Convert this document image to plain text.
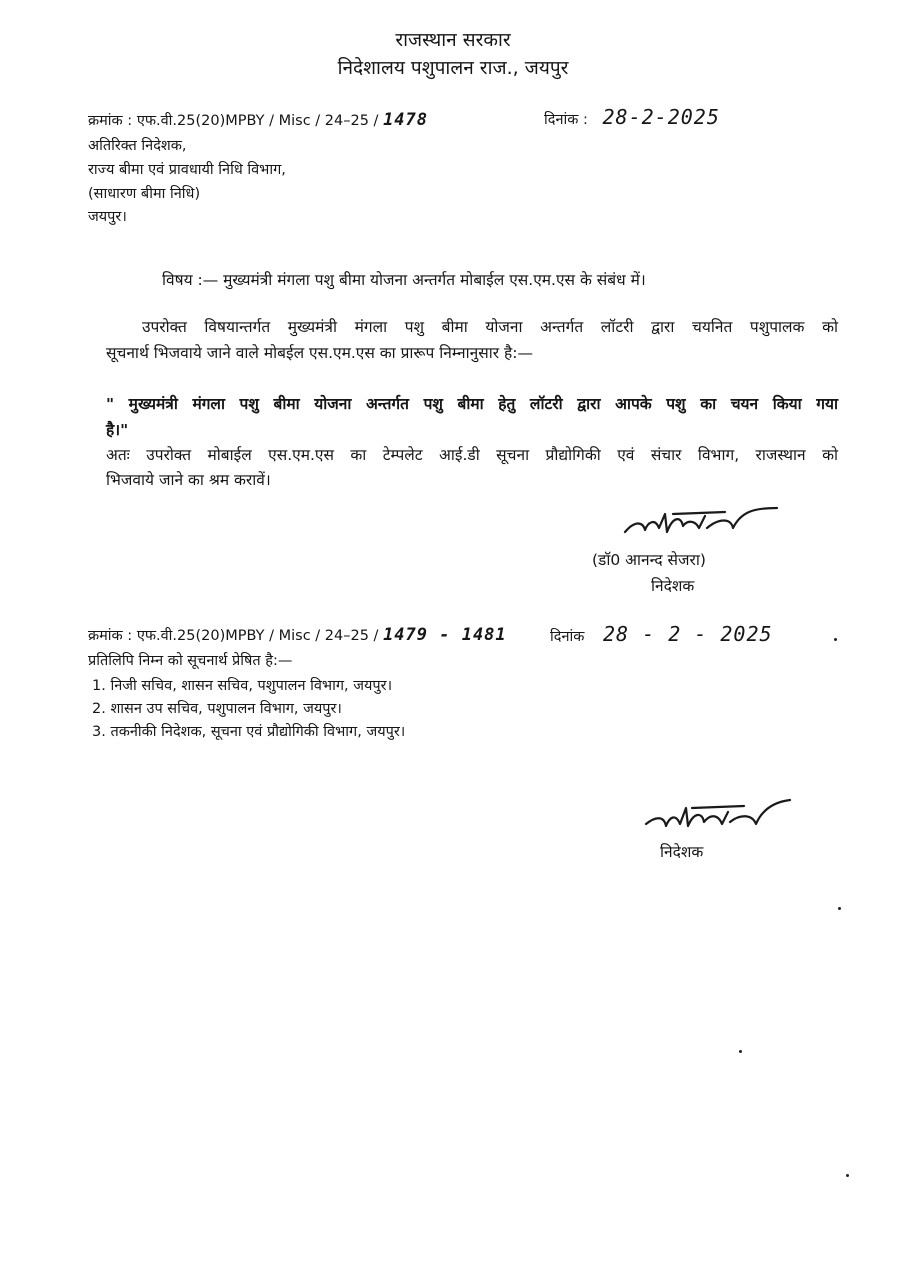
राजस्थान सरकार
निदेशालय पशुपालन राज., जयपुर
क्रमांक : एफ.वी.25(20)MPBY / Misc / 24–25 / 1478	दिनांक : 28-2-2025
अतिरिक्त निदेशक,
राज्य बीमा एवं प्रावधायी निधि विभाग,
(साधारण बीमा निधि)
जयपुर।
विषय :— मुख्यमंत्री मंगला पशु बीमा योजना अन्तर्गत मोबाईल एस.एम.एस के संबंध में।
उपरोक्त विषयान्तर्गत मुख्यमंत्री मंगला पशु बीमा योजना अन्तर्गत लॉटरी द्वारा चयनित पशुपालक को
सूचनार्थ भिजवाये जाने वाले मोबईल एस.एम.एस का प्रारूप निम्नानुसार है:—
" मुख्यमंत्री मंगला पशु बीमा योजना अन्तर्गत पशु बीमा हेतु लॉटरी द्वारा आपके पशु का चयन किया गया
है।"
अतः उपरोक्त मोबाईल एस.एम.एस का टेम्पलेट आई.डी सूचना प्रौद्योगिकी एवं संचार विभाग, राजस्थान को
भिजवाये जाने का श्रम करावें।
(डॉ0 आनन्द सेजरा)
निदेशक
क्रमांक : एफ.वी.25(20)MPBY / Misc / 24–25 / 1479 - 1481	दिनांक 28 - 2 - 2025
प्रतिलिपि निम्न को सूचनार्थ प्रेषित है:—
1. निजी सचिव, शासन सचिव, पशुपालन विभाग, जयपुर।
2. शासन उप सचिव, पशुपालन विभाग, जयपुर।
3. तकनीकी निदेशक, सूचना एवं प्रौद्योगिकी विभाग, जयपुर।
निदेशक
